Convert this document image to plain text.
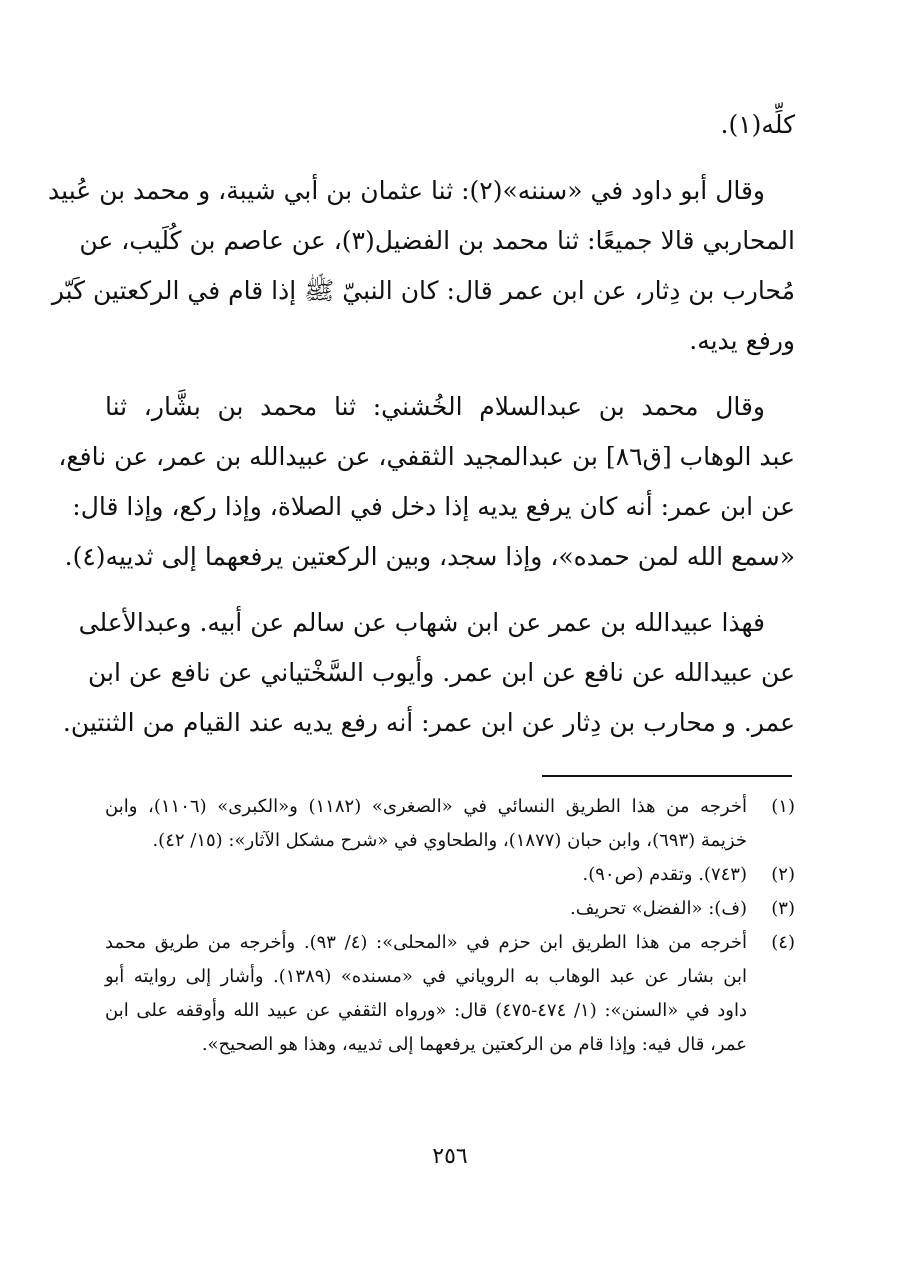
كلِّه(١).
وقال أبو داود في «سننه»(٢): ثنا عثمان بن أبي شيبة، و محمد بن عُبيد
المحاربي قالا جميعًا: ثنا محمد بن الفضيل(٣)، عن عاصم بن كُلَيب، عن
مُحارب بن دِثار، عن ابن عمر قال: كان النبيّ ﷺ إذا قام في الركعتين كَبّر
ورفع يديه.
وقال محمد بن عبدالسلام الخُشني: ثنا محمد بن بشَّار، ثنا
عبد الوهاب [ق٨٦] بن عبدالمجيد الثقفي، عن عبيدالله بن عمر، عن نافع،
عن ابن عمر: أنه كان يرفع يديه إذا دخل في الصلاة، وإذا ركع، وإذا قال:
«سمع الله لمن حمده»، وإذا سجد، وبين الركعتين يرفعهما إلى ثدييه(٤).
فهذا عبيدالله بن عمر عن ابن شهاب عن سالم عن أبيه. وعبدالأعلى
عن عبيدالله عن نافع عن ابن عمر. وأيوب السَّخْتياني عن نافع عن ابن
عمر. و محارب بن دِثار عن ابن عمر: أنه رفع يديه عند القيام من الثنتين.
(١)
أخرجه من هذا الطريق النسائي في «الصغرى» (١١٨٢) و«الكبرى» (١١٠٦)، وابن
خزيمة (٦٩٣)، وابن حبان (١٨٧٧)، والطحاوي في «شرح مشكل الآثار»: (١٥/ ٤٢).
(٢)
(٧٤٣). وتقدم (ص٩٠).
(٣)
(ف): «الفضل» تحريف.
(٤)
أخرجه من هذا الطريق ابن حزم في «المحلى»: (٤/ ٩٣). وأخرجه من طريق محمد
ابن بشار عن عبد الوهاب به الروياني في «مسنده» (١٣٨٩). وأشار إلى روايته أبو
داود في «السنن»: (١/ ٤٧٤-٤٧٥) قال: «ورواه الثقفي عن عبيد الله وأوقفه على ابن
عمر، قال فيه: وإذا قام من الركعتين يرفعهما إلى ثدييه، وهذا هو الصحيح».
٢٥٦
